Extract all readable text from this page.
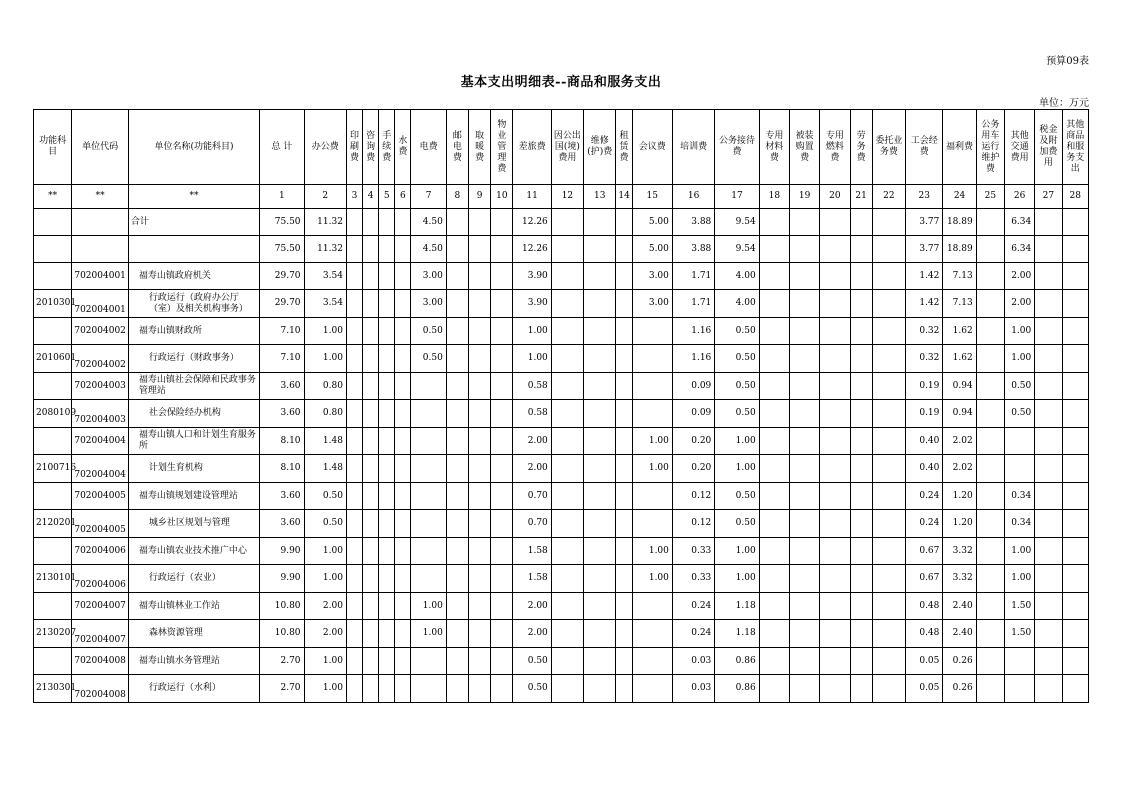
预算09表
基本支出明细表--商品和服务支出
单位：万元
功能科目	单位代码	单位名称(功能科目)	总 计	办公费	印刷费	咨询费	手续费	水费	电费	邮电费	取暖费	物业管理费	差旅费	因公出国(境)费用	维修(护)费	租赁费	会议费	培训费	公务接待费	专用材料费	被装购置费	专用燃料费	劳务费	委托业务费	工会经费	福利费	公务用车运行维护费	其他交通费用	税金及附加费用	其他商品和服务支出
**	**	**	1	2	3	4	5	6	7	8	9	10	11	12	13	14	15	16	17	18	19	20	21	22	23	24	25	26	27	28
		合计	75.50	11.32					4.50				12.26				5.00	3.88	9.54						3.77	18.89		6.34		
			75.50	11.32					4.50				12.26				5.00	3.88	9.54						3.77	18.89		6.34		
	702004001	福寿山镇政府机关	29.70	3.54					3.00				3.90				3.00	1.71	4.00						1.42	7.13		2.00		
2010301	702004001	行政运行（政府办公厅（室）及相关机构事务）	29.70	3.54					3.00				3.90				3.00	1.71	4.00						1.42	7.13		2.00		
	702004002	福寿山镇财政所	7.10	1.00					0.50				1.00					1.16	0.50						0.32	1.62		1.00		
2010601	702004002	行政运行（财政事务）	7.10	1.00					0.50				1.00					1.16	0.50						0.32	1.62		1.00		
	702004003	福寿山镇社会保障和民政事务管理站	3.60	0.80									0.58					0.09	0.50						0.19	0.94		0.50		
2080109	702004003	社会保险经办机构	3.60	0.80									0.58					0.09	0.50						0.19	0.94		0.50		
	702004004	福寿山镇人口和计划生育服务所	8.10	1.48									2.00				1.00	0.20	1.00						0.40	2.02				
2100716	702004004	计划生育机构	8.10	1.48									2.00				1.00	0.20	1.00						0.40	2.02				
	702004005	福寿山镇规划建设管理站	3.60	0.50									0.70					0.12	0.50						0.24	1.20		0.34		
2120201	702004005	城乡社区规划与管理	3.60	0.50									0.70					0.12	0.50						0.24	1.20		0.34		
	702004006	福寿山镇农业技术推广中心	9.90	1.00									1.58				1.00	0.33	1.00						0.67	3.32		1.00		
2130101	702004006	行政运行（农业）	9.90	1.00									1.58				1.00	0.33	1.00						0.67	3.32		1.00		
	702004007	福寿山镇林业工作站	10.80	2.00					1.00				2.00					0.24	1.18						0.48	2.40		1.50		
2130207	702004007	森林资源管理	10.80	2.00					1.00				2.00					0.24	1.18						0.48	2.40		1.50		
	702004008	福寿山镇水务管理站	2.70	1.00									0.50					0.03	0.86						0.05	0.26				
2130301	702004008	行政运行（水利）	2.70	1.00									0.50					0.03	0.86						0.05	0.26				
